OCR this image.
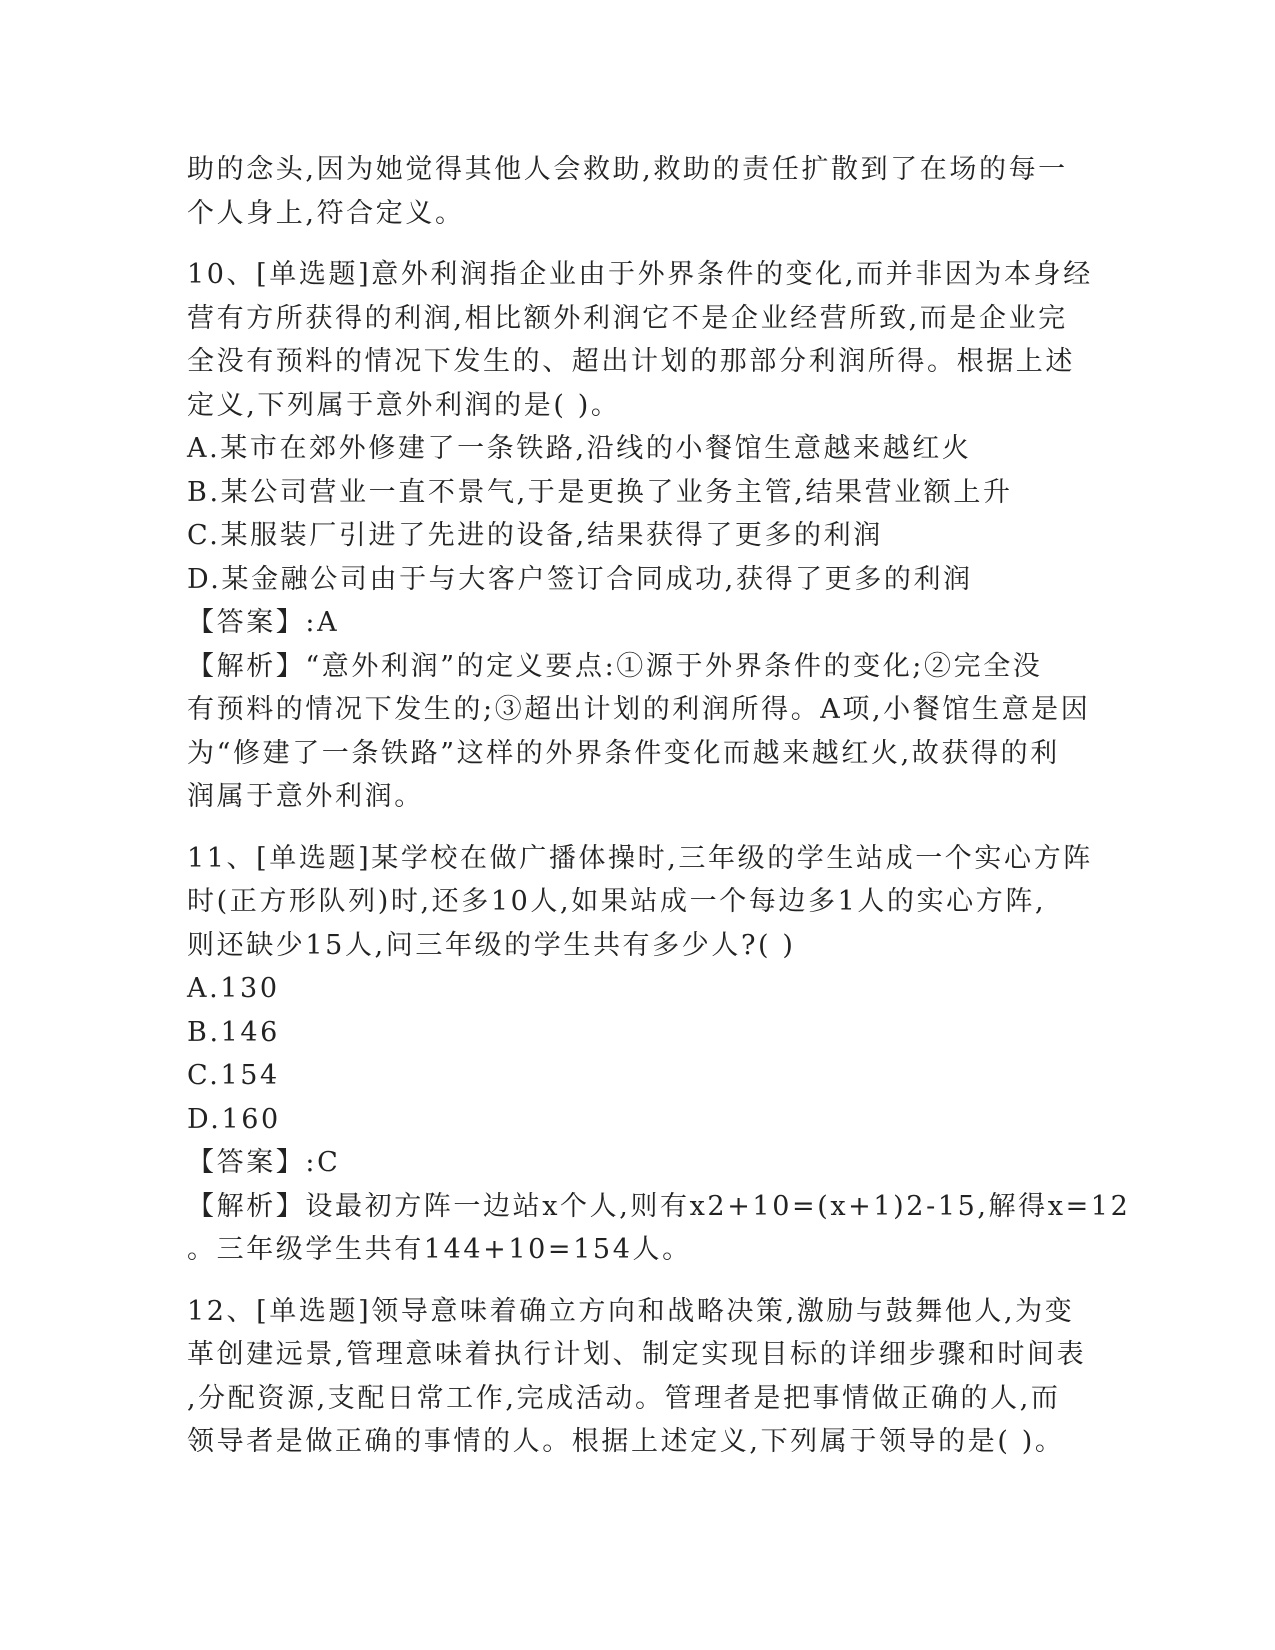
助的念头,因为她觉得其他人会救助,救助的责任扩散到了在场的每一
个人身上,符合定义。
10、[单选题]意外利润指企业由于外界条件的变化,而并非因为本身经
营有方所获得的利润,相比额外利润它不是企业经营所致,而是企业完
全没有预料的情况下发生的、超出计划的那部分利润所得。根据上述
定义,下列属于意外利润的是( )。
A.某市在郊外修建了一条铁路,沿线的小餐馆生意越来越红火
B.某公司营业一直不景气,于是更换了业务主管,结果营业额上升
C.某服装厂引进了先进的设备,结果获得了更多的利润
D.某金融公司由于与大客户签订合同成功,获得了更多的利润
【答案】:A
【解析】“意外利润”的定义要点:①源于外界条件的变化;②完全没
有预料的情况下发生的;③超出计划的利润所得。A项,小餐馆生意是因
为“修建了一条铁路”这样的外界条件变化而越来越红火,故获得的利
润属于意外利润。
11、[单选题]某学校在做广播体操时,三年级的学生站成一个实心方阵
时(正方形队列)时,还多10人,如果站成一个每边多1人的实心方阵,
则还缺少15人,问三年级的学生共有多少人?( )
A.130
B.146
C.154
D.160
【答案】:C
【解析】设最初方阵一边站x个人,则有x2+10=(x+1)2-15,解得x=12
。三年级学生共有144+10=154人。
12、[单选题]领导意味着确立方向和战略决策,激励与鼓舞他人,为变
革创建远景,管理意味着执行计划、制定实现目标的详细步骤和时间表
,分配资源,支配日常工作,完成活动。管理者是把事情做正确的人,而
领导者是做正确的事情的人。根据上述定义,下列属于领导的是( )。
